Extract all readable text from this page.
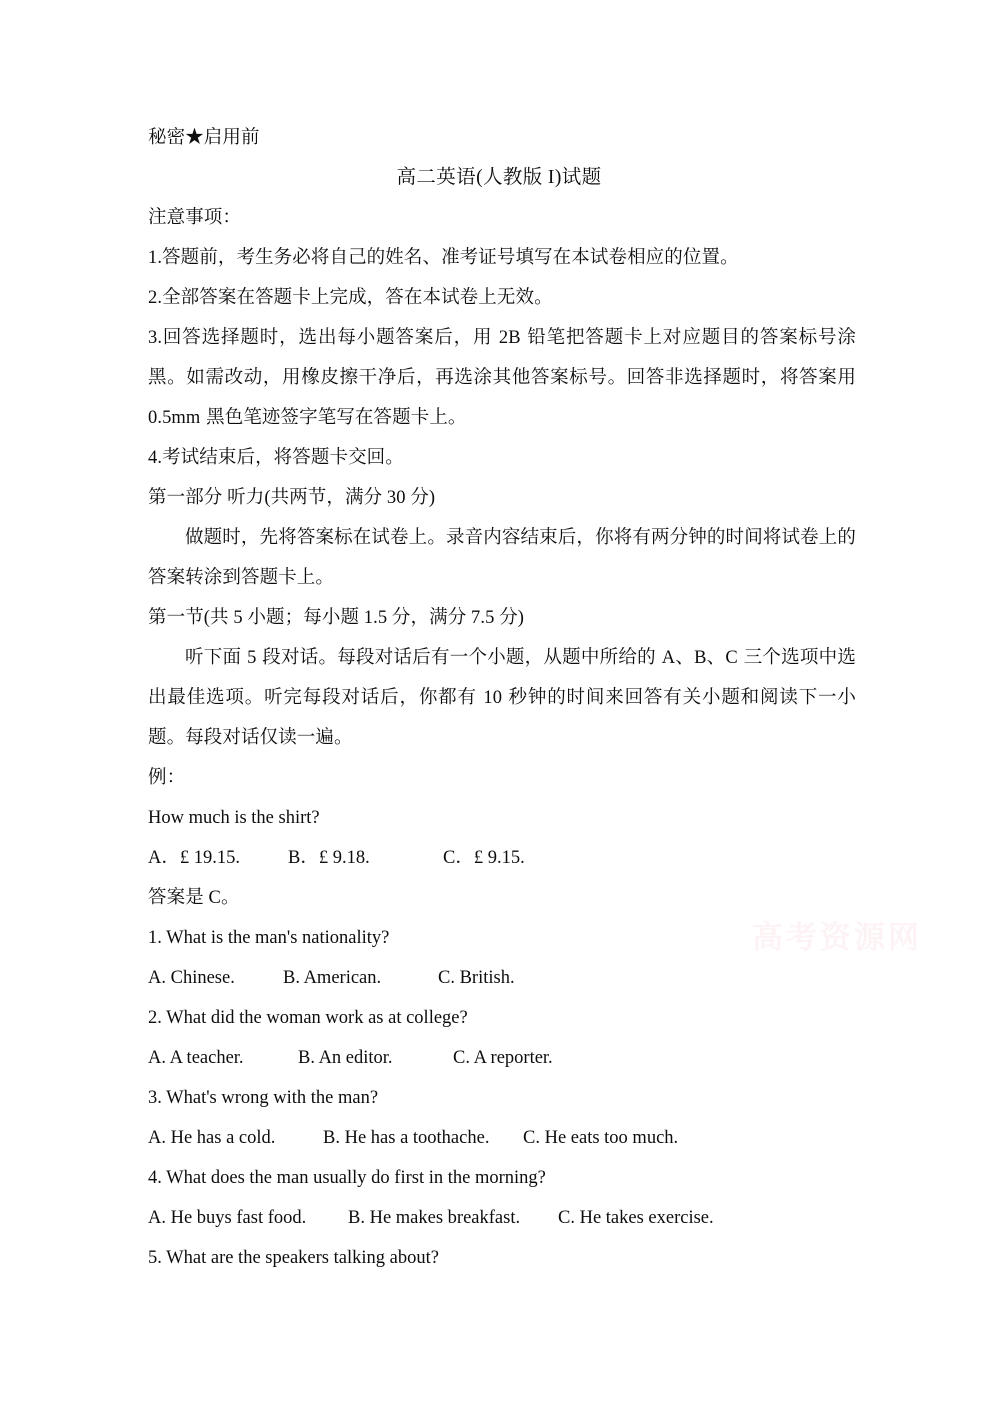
高考资源网
秘密★启用前
高二英语(人教版 I)试题
注意事项：
1.答题前，考生务必将自己的姓名、准考证号填写在本试卷相应的位置。
2.全部答案在答题卡上完成，答在本试卷上无效。
3.回答选择题时，选出每小题答案后，用 2B 铅笔把答题卡上对应题目的答案标号涂黑。如需改动，用橡皮擦干净后，再选涂其他答案标号。回答非选择题时，将答案用 0.5mm 黑色笔迹签字笔写在答题卡上。
4.考试结束后，将答题卡交回。
第一部分 听力(共两节，满分 30 分)
做题时，先将答案标在试卷上。录音内容结束后，你将有两分钟的时间将试卷上的答案转涂到答题卡上。
第一节(共 5 小题；每小题 1.5 分，满分 7.5 分)
听下面 5 段对话。每段对话后有一个小题，从题中所给的 A、B、C 三个选项中选出最佳选项。听完每段对话后，你都有 10 秒钟的时间来回答有关小题和阅读下一小题。每段对话仅读一遍。
例：
How much is the shirt?
A．£ 19.15.	B．£ 9.18.	C．£ 9.15.
答案是 C。
1. What is the man's nationality?
A. Chinese.	B. American.	C. British.
2. What did the woman work as at college?
A. A teacher.	B. An editor.	C. A reporter.
3. What's wrong with the man?
A. He has a cold.	B. He has a toothache. C. He eats too much.
4. What does the man usually do first in the morning?
A. He buys fast food. B. He makes breakfast. C. He takes exercise.
5. What are the speakers talking about?
